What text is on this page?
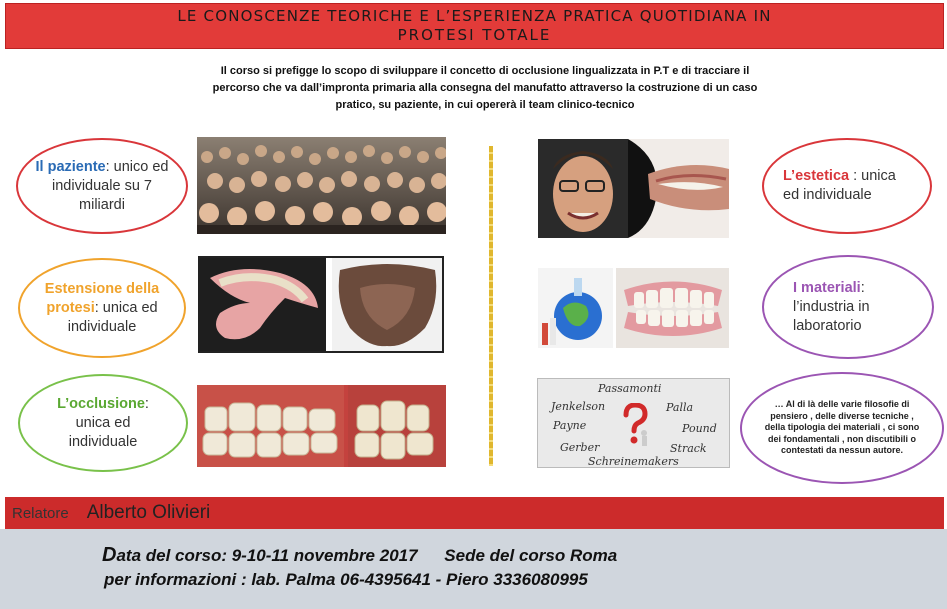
LE CONOSCENZE TEORICHE E L’ESPERIENZA PRATICA QUOTIDIANA IN
PROTESI TOTALE
Il corso si prefigge lo scopo di sviluppare il concetto di occlusione lingualizzata in P.T e di tracciare il
percorso che va dall’impronta primaria alla consegna del manufatto attraverso la costruzione di un caso
pratico, su paziente, in cui opererà il team clinico-tecnico
Il paziente: unico ed individuale su 7 miliardi
Estensione della protesi: unica ed individuale
L’occlusione: unica ed individuale
L’estetica : unica ed individuale
I materiali: l’industria in laboratorio
… Al di là delle varie filosofie di pensiero , delle diverse tecniche , della tipologia dei materiali , ci sono dei fondamentali , non discutibili o contestati da nessun autore.
Passamonti
Jenkelson	Palla
Payne	Pound
Gerber	Strack
Schreinemakers
Relatore Alberto Olivieri
Data del corso: 9-10-11 novembre 2017 Sede del corso Roma
per informazioni : lab. Palma 06-4395641 - Piero 3336080995
